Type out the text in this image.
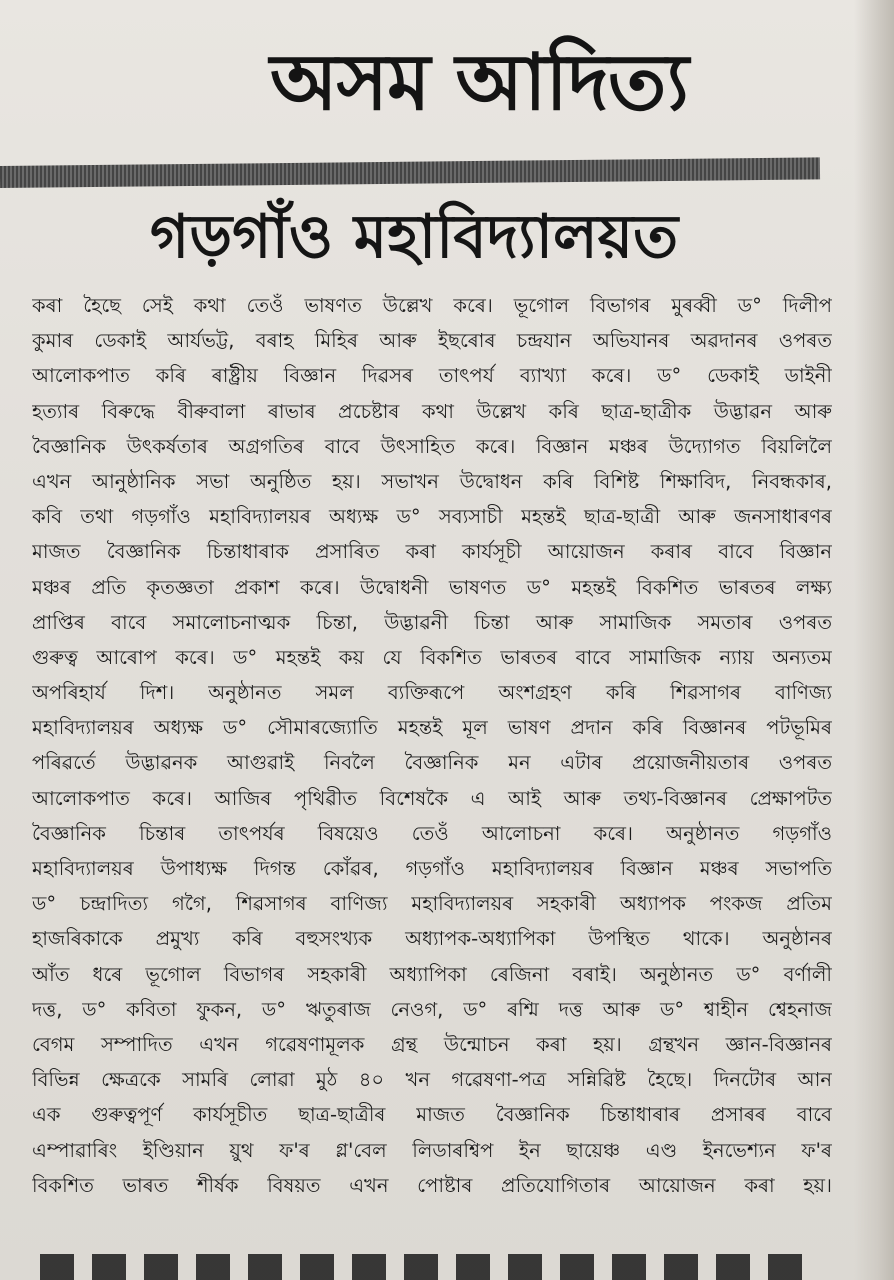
অসম আদিত্য
গড়গাঁও মহাবিদ্যালয়ত
কৰা হৈছে সেই কথা তেওঁ ভাষণত উল্লেখ কৰে। ভূগোল বিভাগৰ মুৰব্বী ড° দিলীপ
কুমাৰ ডেকাই আৰ্যভট্ট, বৰাহ মিহিৰ আৰু ইছৰোৰ চন্দ্ৰযান অভিযানৰ অৱদানৰ ওপৰত
আলোকপাত কৰি ৰাষ্ট্ৰীয় বিজ্ঞান দিৱসৰ তাৎপৰ্য ব্যাখ্যা কৰে। ড° ডেকাই ডাইনী
হত্যাৰ বিৰুদ্ধে বীৰুবালা ৰাভাৰ প্ৰচেষ্টাৰ কথা উল্লেখ কৰি ছাত্ৰ-ছাত্ৰীক উদ্ভাৱন আৰু
বৈজ্ঞানিক উৎকৰ্ষতাৰ অগ্ৰগতিৰ বাবে উৎসাহিত কৰে। বিজ্ঞান মঞ্চৰ উদ্যোগত বিয়লিলৈ
এখন আনুষ্ঠানিক সভা অনুষ্ঠিত হয়। সভাখন উদ্বোধন কৰি বিশিষ্ট শিক্ষাবিদ, নিবন্ধকাৰ,
কবি তথা গড়গাঁও মহাবিদ্যালয়ৰ অধ্যক্ষ ড° সব্যসাচী মহন্তই ছাত্ৰ-ছাত্ৰী আৰু জনসাধাৰণৰ
মাজত বৈজ্ঞানিক চিন্তাধাৰাক প্ৰসাৰিত কৰা কাৰ্যসূচী আয়োজন কৰাৰ বাবে বিজ্ঞান
মঞ্চৰ প্ৰতি কৃতজ্ঞতা প্ৰকাশ কৰে। উদ্বোধনী ভাষণত ড° মহন্তই বিকশিত ভাৰতৰ লক্ষ্য
প্ৰাপ্তিৰ বাবে সমালোচনাত্মক চিন্তা, উদ্ভাৱনী চিন্তা আৰু সামাজিক সমতাৰ ওপৰত
গুৰুত্ব আৰোপ কৰে। ড° মহন্তই কয় যে বিকশিত ভাৰতৰ বাবে সামাজিক ন্যায় অন্যতম
অপৰিহাৰ্য দিশ। অনুষ্ঠানত সমল ব্যক্তিৰূপে অংশগ্ৰহণ কৰি শিৱসাগৰ বাণিজ্য
মহাবিদ্যালয়ৰ অধ্যক্ষ ড° সৌমাৰজ্যোতি মহন্তই মূল ভাষণ প্ৰদান কৰি বিজ্ঞানৰ পটভূমিৰ
পৰিৱৰ্তে উদ্ভাৱনক আগুৱাই নিবলৈ বৈজ্ঞানিক মন এটাৰ প্ৰয়োজনীয়তাৰ ওপৰত
আলোকপাত কৰে। আজিৰ পৃথিৱীত বিশেষকৈ এ আই আৰু তথ্য-বিজ্ঞানৰ প্ৰেক্ষাপটত
বৈজ্ঞানিক চিন্তাৰ তাৎপৰ্যৰ বিষয়েও তেওঁ আলোচনা কৰে। অনুষ্ঠানত গড়গাঁও
মহাবিদ্যালয়ৰ উপাধ্যক্ষ দিগন্ত কোঁৱৰ, গড়গাঁও মহাবিদ্যালয়ৰ বিজ্ঞান মঞ্চৰ সভাপতি
ড° চন্দ্ৰাদিত্য গগৈ, শিৱসাগৰ বাণিজ্য মহাবিদ্যালয়ৰ সহকাৰী অধ্যাপক পংকজ প্ৰতিম
হাজৰিকাকে প্ৰমুখ্য কৰি বহুসংখ্যক অধ্যাপক-অধ্যাপিকা উপস্থিত থাকে। অনুষ্ঠানৰ
আঁত ধৰে ভূগোল বিভাগৰ সহকাৰী অধ্যাপিকা ৰেজিনা বৰাই। অনুষ্ঠানত ড° বৰ্ণালী
দত্ত, ড° কবিতা ফুকন, ড° ঋতুৰাজ নেওগ, ড° ৰশ্মি দত্ত আৰু ড° শ্বাহীন শ্বেহনাজ
বেগম সম্পাদিত এখন গৱেষণামূলক গ্ৰন্থ উন্মোচন কৰা হয়। গ্ৰন্থখন জ্ঞান-বিজ্ঞানৰ
বিভিন্ন ক্ষেত্ৰকে সামৰি লোৱা মুঠ ৪০ খন গৱেষণা-পত্ৰ সন্নিৱিষ্ট হৈছে। দিনটোৰ আন
এক গুৰুত্বপূৰ্ণ কাৰ্যসূচীত ছাত্ৰ-ছাত্ৰীৰ মাজত বৈজ্ঞানিক চিন্তাধাৰাৰ প্ৰসাৰৰ বাবে
এম্পাৱাৰিং ইণ্ডিয়ান য়ুথ ফ'ৰ গ্ল'বেল লিডাৰশ্বিপ ইন ছায়েঞ্চ এণ্ড ইনভেশ্যন ফ'ৰ
বিকশিত ভাৰত শীৰ্ষক বিষয়ত এখন পোষ্টাৰ প্ৰতিযোগিতাৰ আয়োজন কৰা হয়।
